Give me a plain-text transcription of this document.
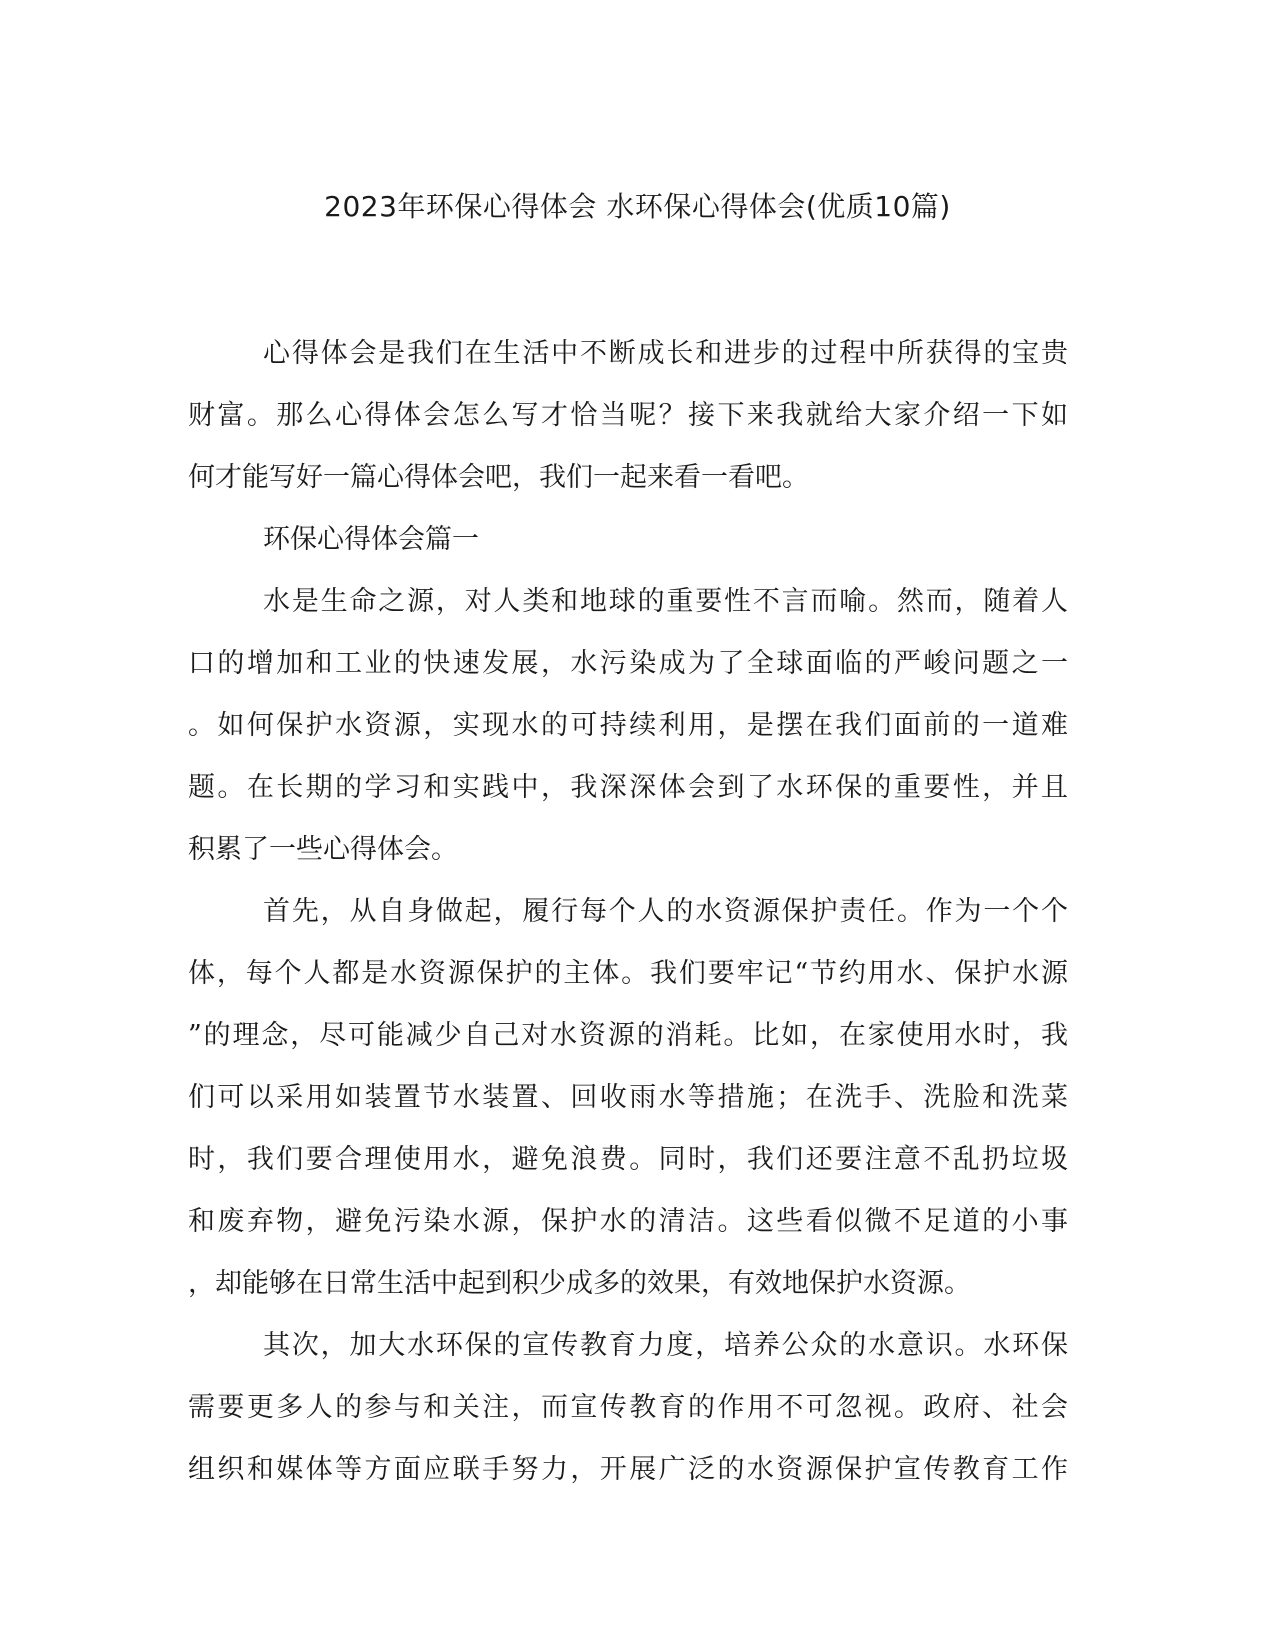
2023年环保心得体会 水环保心得体会(优质10篇)
心得体会是我们在生活中不断成长和进步的过程中所获得的宝贵
财富。那么心得体会怎么写才恰当呢？接下来我就给大家介绍一下如
何才能写好一篇心得体会吧，我们一起来看一看吧。
环保心得体会篇一
水是生命之源，对人类和地球的重要性不言而喻。然而，随着人
口的增加和工业的快速发展，水污染成为了全球面临的严峻问题之一
。如何保护水资源，实现水的可持续利用，是摆在我们面前的一道难
题。在长期的学习和实践中，我深深体会到了水环保的重要性，并且
积累了一些心得体会。
首先，从自身做起，履行每个人的水资源保护责任。作为一个个
体，每个人都是水资源保护的主体。我们要牢记“节约用水、保护水源
”的理念，尽可能减少自己对水资源的消耗。比如，在家使用水时，我
们可以采用如装置节水装置、回收雨水等措施；在洗手、洗脸和洗菜
时，我们要合理使用水，避免浪费。同时，我们还要注意不乱扔垃圾
和废弃物，避免污染水源，保护水的清洁。这些看似微不足道的小事
，却能够在日常生活中起到积少成多的效果，有效地保护水资源。
其次，加大水环保的宣传教育力度，培养公众的水意识。水环保
需要更多人的参与和关注，而宣传教育的作用不可忽视。政府、社会
组织和媒体等方面应联手努力，开展广泛的水资源保护宣传教育工作
